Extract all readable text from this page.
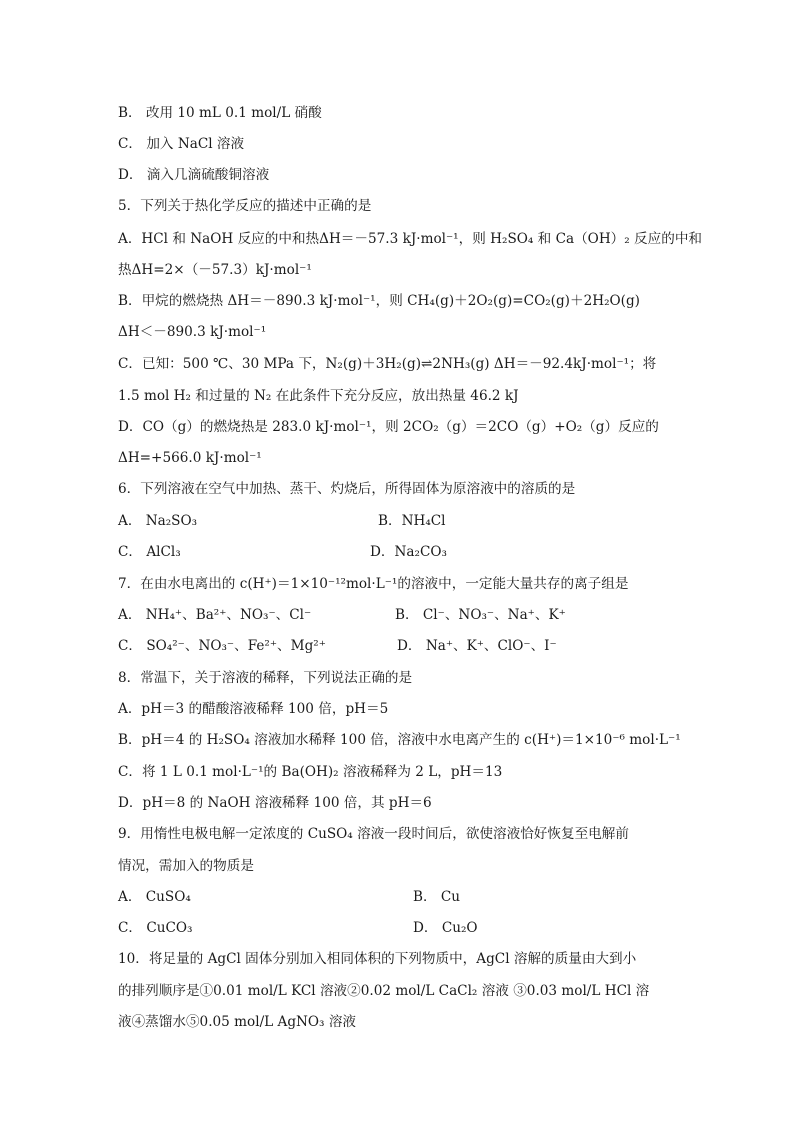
B． 改用 10 mL 0.1 mol/L 硝酸
C． 加入 NaCl 溶液
D． 滴入几滴硫酸铜溶液
5．下列关于热化学反应的描述中正确的是
A．HCl 和 NaOH 反应的中和热ΔH＝－57.3 kJ·mol⁻¹，则 H₂SO₄ 和 Ca（OH）₂ 反应的中和
热ΔH=2×（－57.3）kJ·mol⁻¹
B．甲烷的燃烧热 ΔH＝－890.3 kJ·mol⁻¹，则 CH₄(g)＋2O₂(g)=CO₂(g)＋2H₂O(g)
ΔH＜－890.3 kJ·mol⁻¹
C．已知：500 ℃、30 MPa 下，N₂(g)＋3H₂(g)⇌2NH₃(g) ΔH＝－92.4kJ·mol⁻¹；将
1.5 mol H₂ 和过量的 N₂ 在此条件下充分反应，放出热量 46.2 kJ
D．CO（g）的燃烧热是 283.0 kJ·mol⁻¹，则 2CO₂（g）＝2CO（g）+O₂（g）反应的
ΔH=+566.0 kJ·mol⁻¹
6．下列溶液在空气中加热、蒸干、灼烧后，所得固体为原溶液中的溶质的是
A． Na₂SO₃	B．NH₄Cl
C． AlCl₃	D．Na₂CO₃
7．在由水电离出的 c(H⁺)＝1×10⁻¹²mol·L⁻¹的溶液中，一定能大量共存的离子组是
A． NH₄⁺、Ba²⁺、NO₃⁻、Cl⁻	B． Cl⁻、NO₃⁻、Na⁺、K⁺
C． SO₄²⁻、NO₃⁻、Fe²⁺、Mg²⁺	D． Na⁺、K⁺、ClO⁻、I⁻
8．常温下，关于溶液的稀释，下列说法正确的是
A．pH＝3 的醋酸溶液稀释 100 倍，pH＝5
B．pH＝4 的 H₂SO₄ 溶液加水稀释 100 倍，溶液中水电离产生的 c(H⁺)＝1×10⁻⁶ mol·L⁻¹
C．将 1 L 0.1 mol·L⁻¹的 Ba(OH)₂ 溶液稀释为 2 L，pH＝13
D．pH＝8 的 NaOH 溶液稀释 100 倍，其 pH＝6
9．用惰性电极电解一定浓度的 CuSO₄ 溶液一段时间后，欲使溶液恰好恢复至电解前
情况，需加入的物质是
A． CuSO₄	B． Cu
C． CuCO₃	D． Cu₂O
10．将足量的 AgCl 固体分别加入相同体积的下列物质中，AgCl 溶解的质量由大到小
的排列顺序是①0.01 mol/L KCl 溶液②0.02 mol/L CaCl₂ 溶液 ③0.03 mol/L HCl 溶
液④蒸馏水⑤0.05 mol/L AgNO₃ 溶液
